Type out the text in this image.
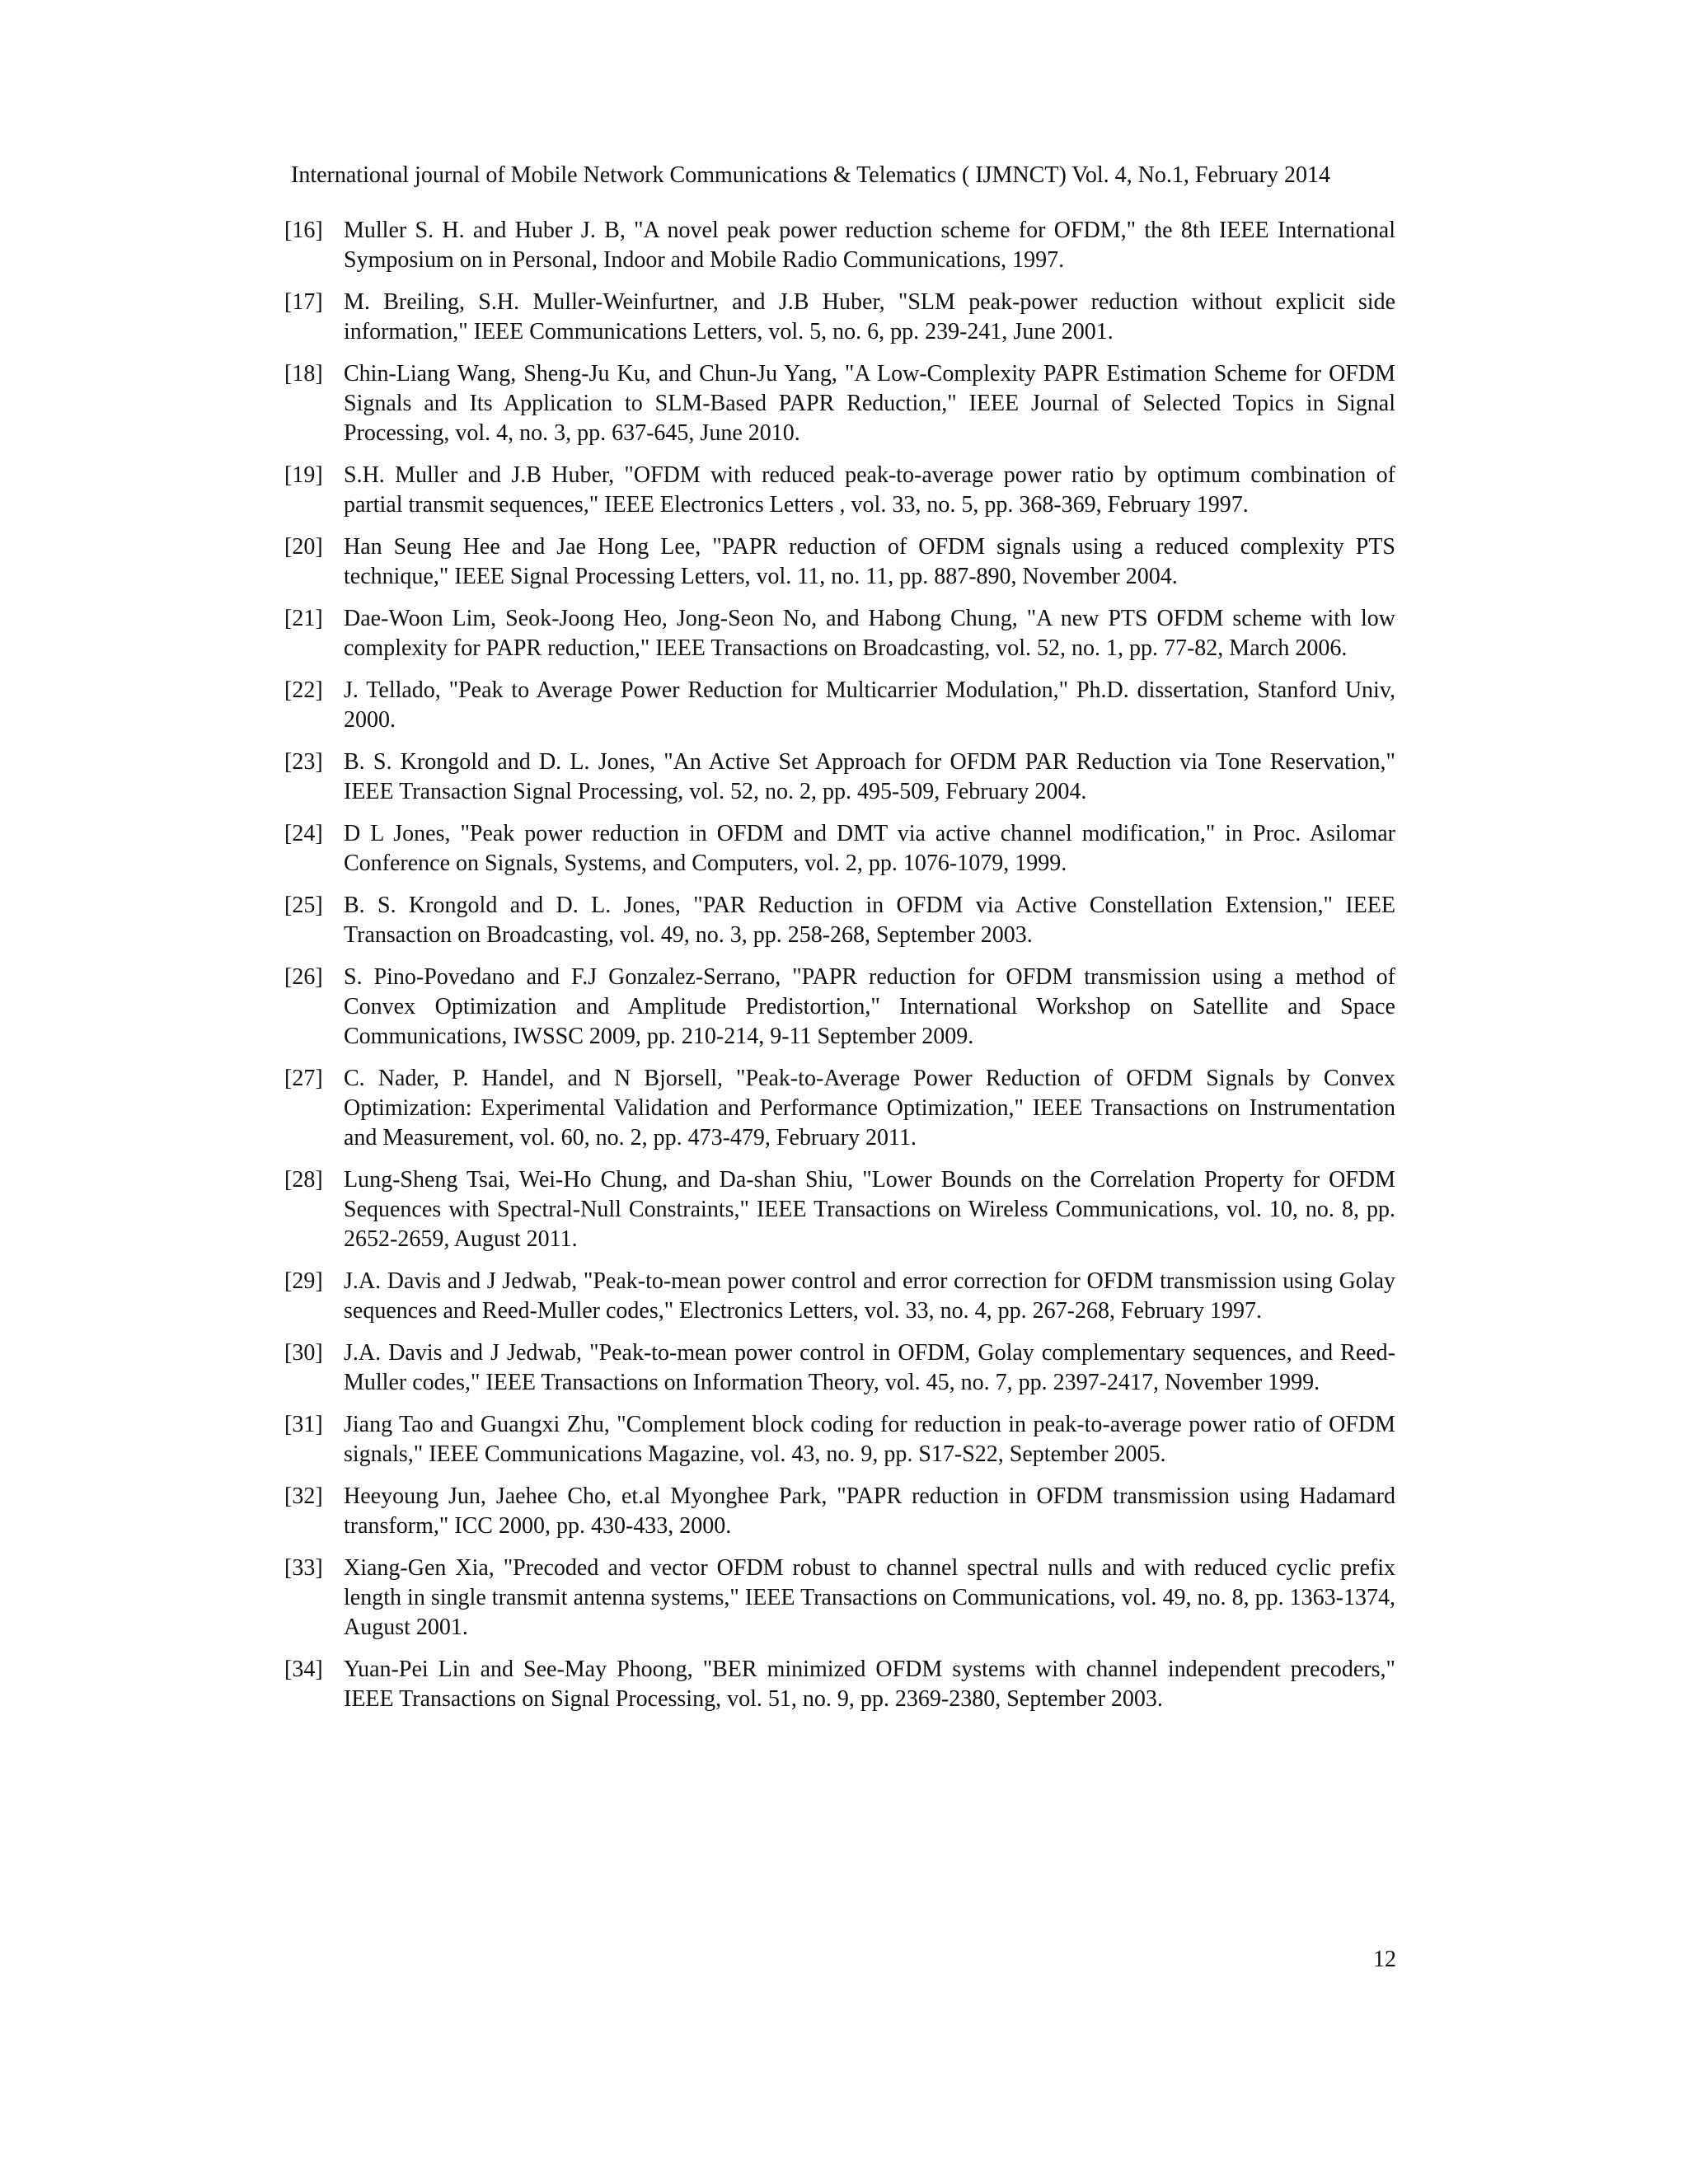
International journal of Mobile Network Communications & Telematics ( IJMNCT) Vol. 4, No.1, February 2014
[16] Muller S. H. and Huber J. B, "A novel peak power reduction scheme for OFDM," the 8th IEEE International Symposium on in Personal, Indoor and Mobile Radio Communications, 1997.
[17] M. Breiling, S.H. Muller-Weinfurtner, and J.B Huber, "SLM peak-power reduction without explicit side information," IEEE Communications Letters, vol. 5, no. 6, pp. 239-241, June 2001.
[18] Chin-Liang Wang, Sheng-Ju Ku, and Chun-Ju Yang, "A Low-Complexity PAPR Estimation Scheme for OFDM Signals and Its Application to SLM-Based PAPR Reduction," IEEE Journal of Selected Topics in Signal Processing, vol. 4, no. 3, pp. 637-645, June 2010.
[19] S.H. Muller and J.B Huber, "OFDM with reduced peak-to-average power ratio by optimum combination of partial transmit sequences," IEEE Electronics Letters , vol. 33, no. 5, pp. 368-369, February 1997.
[20] Han Seung Hee and Jae Hong Lee, "PAPR reduction of OFDM signals using a reduced complexity PTS technique," IEEE Signal Processing Letters, vol. 11, no. 11, pp. 887-890, November 2004.
[21] Dae-Woon Lim, Seok-Joong Heo, Jong-Seon No, and Habong Chung, "A new PTS OFDM scheme with low complexity for PAPR reduction," IEEE Transactions on Broadcasting, vol. 52, no. 1, pp. 77-82, March 2006.
[22] J. Tellado, "Peak to Average Power Reduction for Multicarrier Modulation," Ph.D. dissertation, Stanford Univ, 2000.
[23] B. S. Krongold and D. L. Jones, "An Active Set Approach for OFDM PAR Reduction via Tone Reservation," IEEE Transaction Signal Processing, vol. 52, no. 2, pp. 495-509, February 2004.
[24] D L Jones, "Peak power reduction in OFDM and DMT via active channel modification," in Proc. Asilomar Conference on Signals, Systems, and Computers, vol. 2, pp. 1076-1079, 1999.
[25] B. S. Krongold and D. L. Jones, "PAR Reduction in OFDM via Active Constellation Extension," IEEE Transaction on Broadcasting, vol. 49, no. 3, pp. 258-268, September 2003.
[26] S. Pino-Povedano and F.J Gonzalez-Serrano, "PAPR reduction for OFDM transmission using a method of Convex Optimization and Amplitude Predistortion," International Workshop on Satellite and Space Communications, IWSSC 2009, pp. 210-214, 9-11 September 2009.
[27] C. Nader, P. Handel, and N Bjorsell, "Peak-to-Average Power Reduction of OFDM Signals by Convex Optimization: Experimental Validation and Performance Optimization," IEEE Transactions on Instrumentation and Measurement, vol. 60, no. 2, pp. 473-479, February 2011.
[28] Lung-Sheng Tsai, Wei-Ho Chung, and Da-shan Shiu, "Lower Bounds on the Correlation Property for OFDM Sequences with Spectral-Null Constraints," IEEE Transactions on Wireless Communications, vol. 10, no. 8, pp. 2652-2659, August 2011.
[29] J.A. Davis and J Jedwab, "Peak-to-mean power control and error correction for OFDM transmission using Golay sequences and Reed-Muller codes," Electronics Letters, vol. 33, no. 4, pp. 267-268, February 1997.
[30] J.A. Davis and J Jedwab, "Peak-to-mean power control in OFDM, Golay complementary sequences, and Reed-Muller codes," IEEE Transactions on Information Theory, vol. 45, no. 7, pp. 2397-2417, November 1999.
[31] Jiang Tao and Guangxi Zhu, "Complement block coding for reduction in peak-to-average power ratio of OFDM signals," IEEE Communications Magazine, vol. 43, no. 9, pp. S17-S22, September 2005.
[32] Heeyoung Jun, Jaehee Cho, et.al Myonghee Park, "PAPR reduction in OFDM transmission using Hadamard transform," ICC 2000, pp. 430-433, 2000.
[33] Xiang-Gen Xia, "Precoded and vector OFDM robust to channel spectral nulls and with reduced cyclic prefix length in single transmit antenna systems," IEEE Transactions on Communications, vol. 49, no. 8, pp. 1363-1374, August 2001.
[34] Yuan-Pei Lin and See-May Phoong, "BER minimized OFDM systems with channel independent precoders," IEEE Transactions on Signal Processing, vol. 51, no. 9, pp. 2369-2380, September 2003.
12
